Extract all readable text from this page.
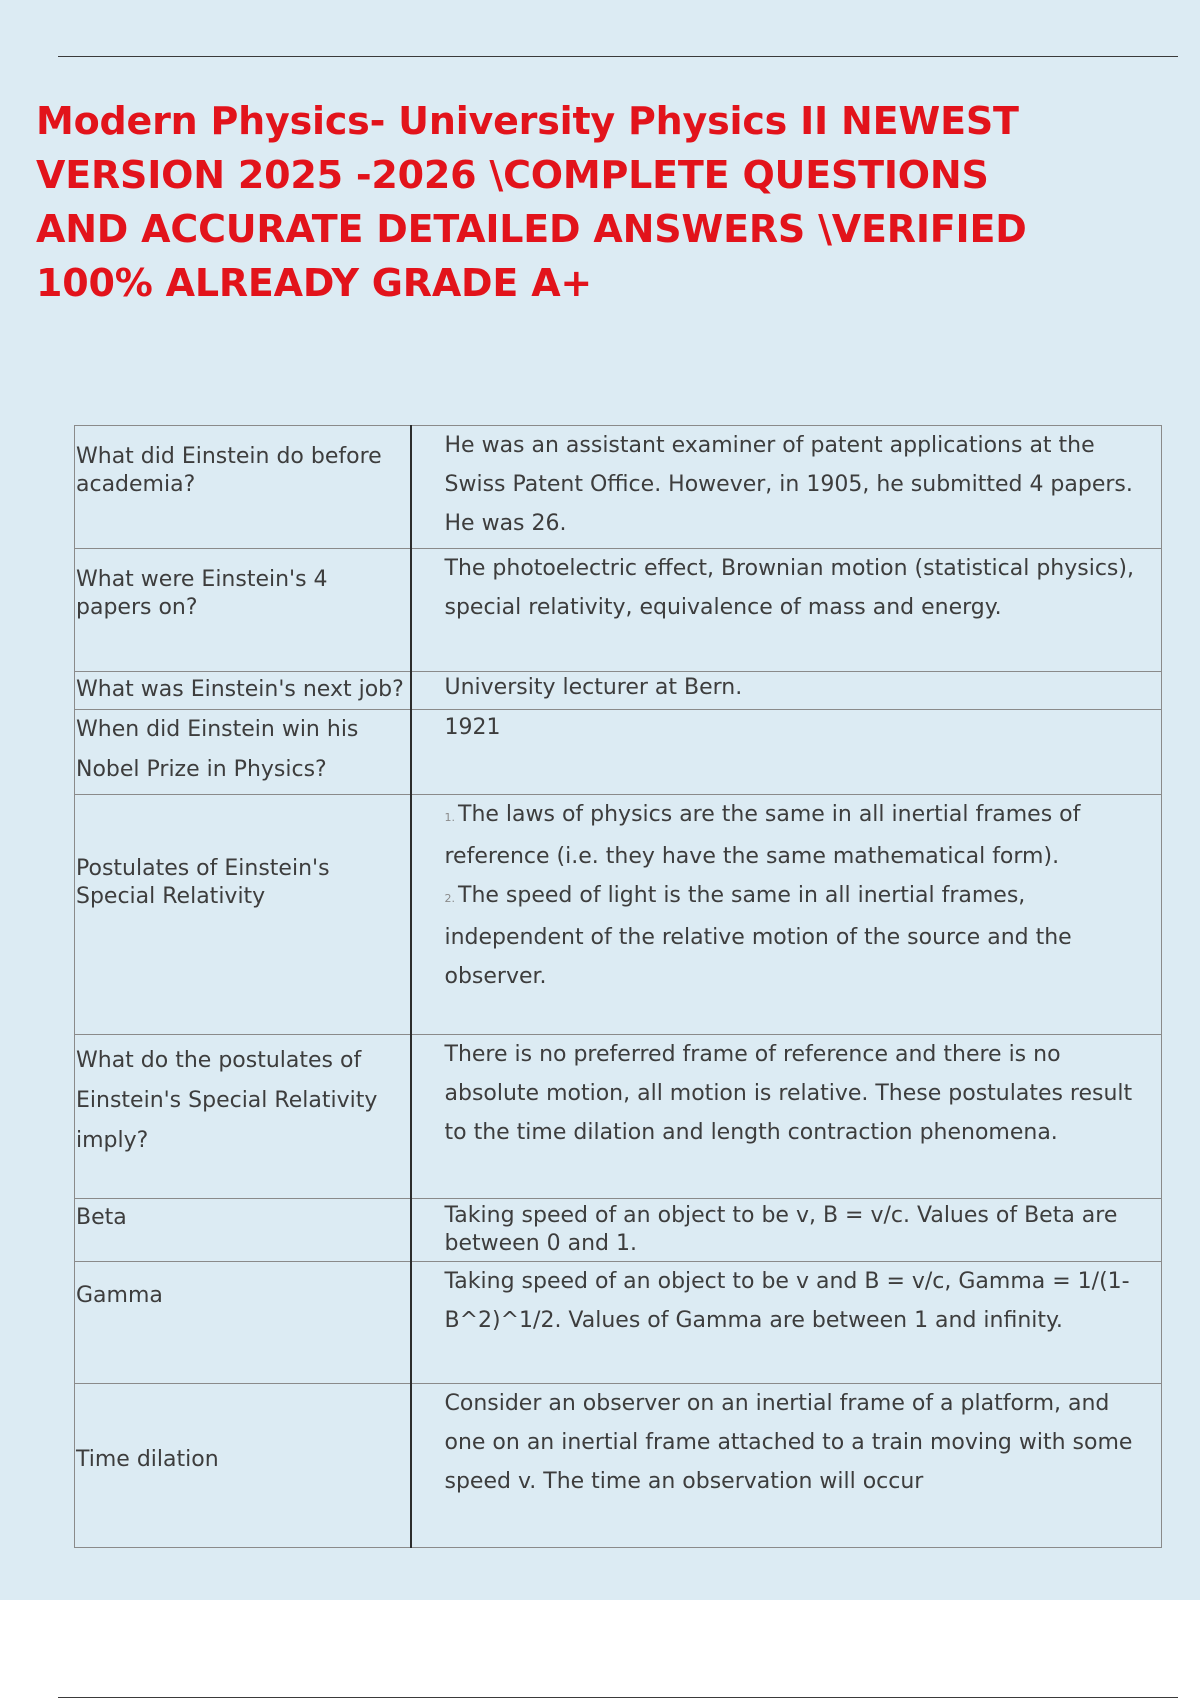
Modern Physics- University Physics II NEWEST VERSION 2025 -2026 \COMPLETE QUESTIONS AND ACCURATE DETAILED ANSWERS \VERIFIED 100% ALREADY GRADE A+
What did Einstein do before academia?	He was an assistant examiner of patent applications at the Swiss Patent Office. However, in 1905, he submitted 4 papers. He was 26.
What were Einstein's 4 papers on?	The photoelectric effect, Brownian motion (statistical physics), special relativity, equivalence of mass and energy.
What was Einstein's next job?	University lecturer at Bern.
When did Einstein win his Nobel Prize in Physics?	1921
Postulates of Einstein's Special Relativity	1. The laws of physics are the same in all inertial frames of reference (i.e. they have the same mathematical form).
2. The speed of light is the same in all inertial frames, independent of the relative motion of the source and the observer.

What do the postulates of Einstein's Special Relativity imply?	There is no preferred frame of reference and there is no absolute motion, all motion is relative. These postulates result to the time dilation and length contraction phenomena.
Beta	Taking speed of an object to be v, B = v/c. Values of Beta are between 0 and 1.
Gamma	Taking speed of an object to be v and B = v/c, Gamma = 1/(1-B^2)^1/2. Values of Gamma are between 1 and infinity.
Time dilation	Consider an observer on an inertial frame of a platform, and one on an inertial frame attached to a train moving with some speed v. The time an observation will occur
